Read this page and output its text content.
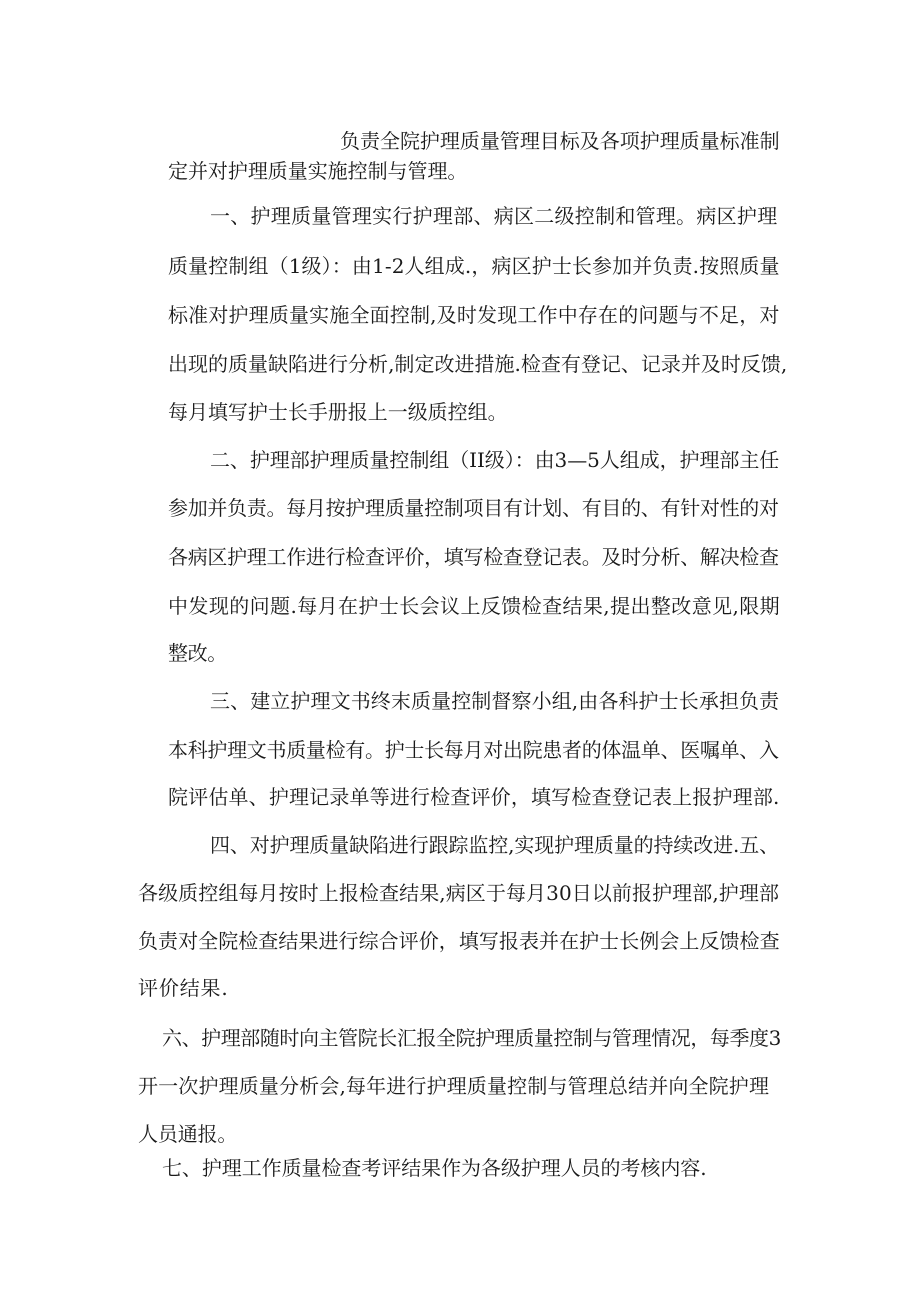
负责全院护理质量管理目标及各项护理质量标准制
定并对护理质量实施控制与管理。
一、护理质量管理实行护理部、病区二级控制和管理。病区护理
质量控制组（1级）：由1-2人组成.，病区护士长参加并负责.按照质量
标准对护理质量实施全面控制,及时发现工作中存在的问题与不足，对
出现的质量缺陷进行分析,制定改进措施.检查有登记、记录并及时反馈,
每月填写护士长手册报上一级质控组。
二、护理部护理质量控制组（II级）：由3—5人组成，护理部主任
参加并负责。每月按护理质量控制项目有计划、有目的、有针对性的对
各病区护理工作进行检查评价，填写检查登记表。及时分析、解决检查
中发现的问题.每月在护士长会议上反馈检查结果,提出整改意见,限期
整改。
三、建立护理文书终末质量控制督察小组,由各科护士长承担负责
本科护理文书质量检有。护士长每月对出院患者的体温单、医嘱单、入
院评估单、护理记录单等进行检查评价，填写检查登记表上报护理部.
四、对护理质量缺陷进行跟踪监控,实现护理质量的持续改进.五、
各级质控组每月按时上报检查结果,病区于每月30日以前报护理部,护理部
负责对全院检查结果进行综合评价，填写报表并在护士长例会上反馈检查
评价结果.
六、护理部随时向主管院长汇报全院护理质量控制与管理情况，每季度3
开一次护理质量分析会,每年进行护理质量控制与管理总结并向全院护理
人员通报。
七、护理工作质量检查考评结果作为各级护理人员的考核内容.
